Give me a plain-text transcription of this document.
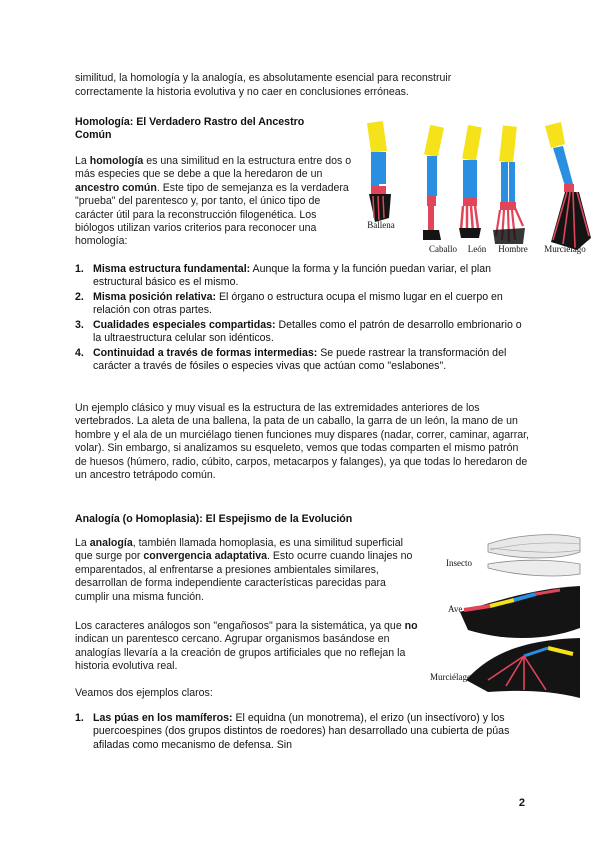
similitud, la homología y la analogía, es absolutamente esencial para reconstruir
correctamente la historia evolutiva y no caer en conclusiones erróneas.
Homología: El Verdadero Rastro del Ancestro
Común
La homología es una similitud en la estructura entre dos o más especies que se debe a que la heredaron de un ancestro común. Este tipo de semejanza es la verdadera "prueba" del parentesco y, por tanto, el único tipo de carácter útil para la reconstrucción filogenética. Los biólogos utilizan varios criterios para reconocer una homología:
Ballena
Caballo León Hombre Murciélago
1. Misma estructura fundamental: Aunque la forma y la función puedan variar, el plan estructural básico es el mismo.
2. Misma posición relativa: El órgano o estructura ocupa el mismo lugar en el cuerpo en relación con otras partes.
3. Cualidades especiales compartidas: Detalles como el patrón de desarrollo embrionario o la ultraestructura celular son idénticos.
4. Continuidad a través de formas intermedias: Se puede rastrear la transformación del carácter a través de fósiles o especies vivas que actúan como "eslabones".
Un ejemplo clásico y muy visual es la estructura de las extremidades anteriores de los vertebrados. La aleta de una ballena, la pata de un caballo, la garra de un león, la mano de un hombre y el ala de un murciélago tienen funciones muy dispares (nadar, correr, caminar, agarrar, volar). Sin embargo, si analizamos su esqueleto, vemos que todas comparten el mismo patrón de huesos (húmero, radio, cúbito, carpos, metacarpos y falanges), ya que todas lo heredaron de un ancestro tetrápodo común.
Analogía (o Homoplasia): El Espejismo de la Evolución
La analogía, también llamada homoplasia, es una similitud superficial que surge por convergencia adaptativa. Esto ocurre cuando linajes no emparentados, al enfrentarse a presiones ambientales similares, desarrollan de forma independiente características parecidas para cumplir una misma función.
Los caracteres análogos son "engañosos" para la sistemática, ya que no indican un parentesco cercano. Agrupar organismos basándose en analogías llevaría a la creación de grupos artificiales que no reflejan la historia evolutiva real.
Insecto
Ave
Murciélago
Veamos dos ejemplos claros:
1. Las púas en los mamíferos: El equidna (un monotrema), el erizo (un insectívoro) y los puercoespines (dos grupos distintos de roedores) han desarrollado una cubierta de púas afiladas como mecanismo de defensa. Sin
2
